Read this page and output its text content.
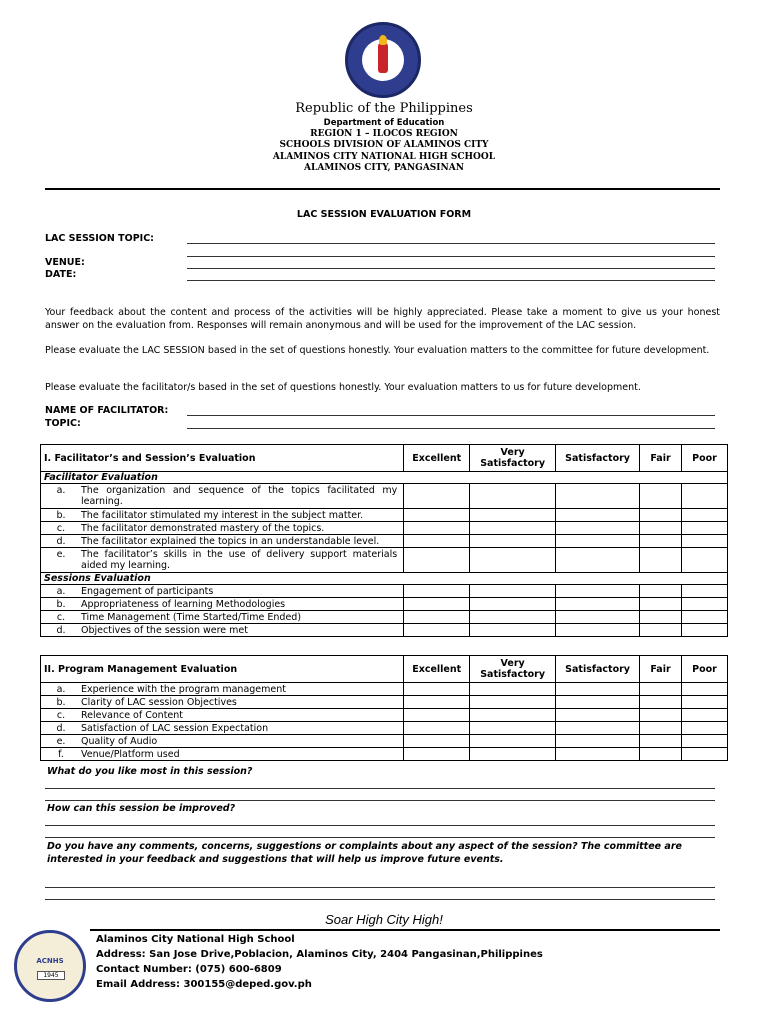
Republic of the Philippines
Department of Education
REGION 1 – ILOCOS REGION
SCHOOLS DIVISION OF ALAMINOS CITY
ALAMINOS CITY NATIONAL HIGH SCHOOL
ALAMINOS CITY, PANGASINAN
LAC SESSION EVALUATION FORM
LAC SESSION TOPIC:
VENUE:
DATE:
Your feedback about the content and process of the activities will be highly appreciated. Please take a moment to give us your honest answer on the evaluation from. Responses will remain anonymous and will be used for the improvement of the LAC session.
Please evaluate the LAC SESSION based in the set of questions honestly. Your evaluation matters to the committee for future development.
Please evaluate the facilitator/s based in the set of questions honestly. Your evaluation matters to us for future development.
NAME OF FACILITATOR:
TOPIC:
I. Facilitator’s and Session’s Evaluation	Excellent	Very Satisfactory	Satisfactory	Fair	Poor
Facilitator Evaluation					

a. The organization and sequence of the topics facilitated my learning.					

b. The facilitator stimulated my interest in the subject matter.					

c. The facilitator demonstrated mastery of the topics.					

d. The facilitator explained the topics in an understandable level.					

e. The facilitator’s skills in the use of delivery support materials aided my learning.					

Sessions Evaluation					

a. Engagement of participants					

b. Appropriateness of learning Methodologies					

c. Time Management (Time Started/Time Ended)					

d. Objectives of the session were met					

II. Program Management Evaluation	Excellent	Very Satisfactory	Satisfactory	Fair	Poor

a. Experience with the program management					

b. Clarity of LAC session Objectives					

c. Relevance of Content					

d. Satisfaction of LAC session Expectation					

e. Quality of Audio					

f. Venue/Platform used					

What do you like most in this session?
How can this session be improved?
Do you have any comments, concerns, suggestions or complaints about any aspect of the session? The committee are interested in your feedback and suggestions that will help us improve future events.
Soar High City High!
ACNHS
1945
Alaminos City National High School
Address: San Jose Drive,Poblacion, Alaminos City, 2404 Pangasinan,Philippines
Contact Number: (075) 600-6809
Email Address: 300155@deped.gov.ph
